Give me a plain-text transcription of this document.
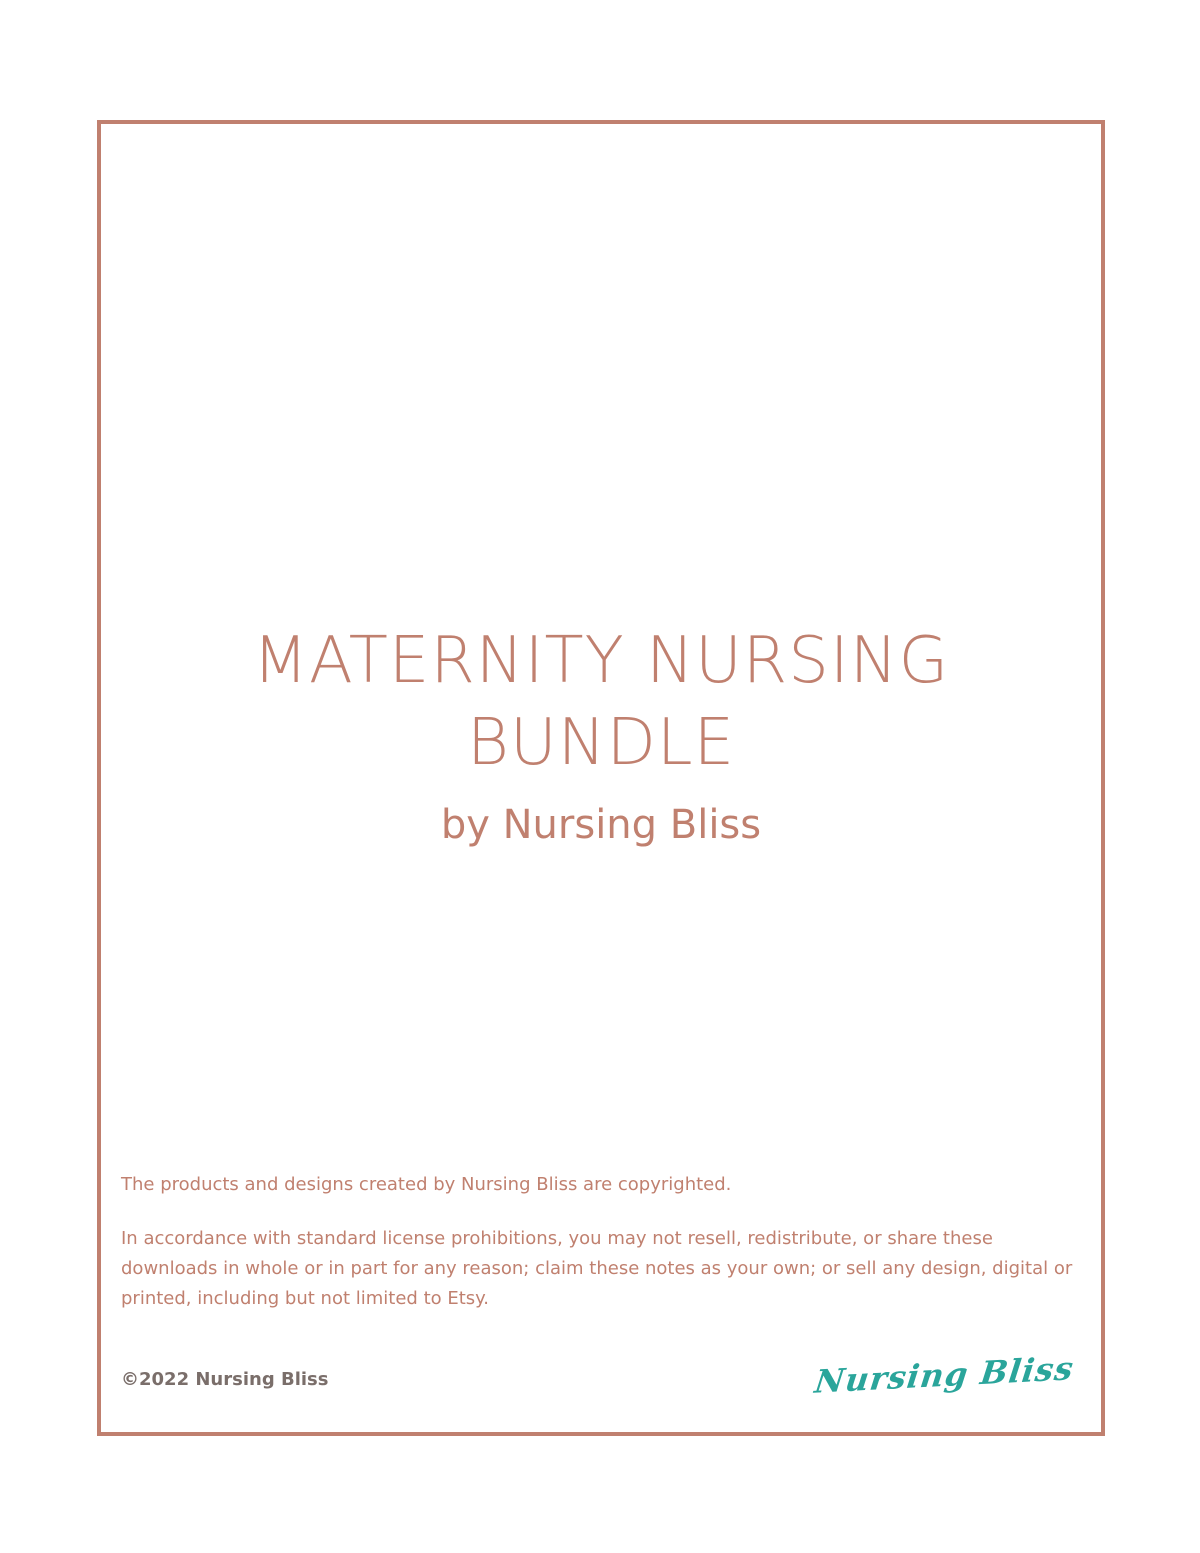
MATERNITY NURSING
BUNDLE
by Nursing Bliss

The products and designs created by Nursing Bliss are copyrighted.

In accordance with standard license prohibitions, you may not resell, redistribute, or share these downloads in whole or in part for any reason; claim these notes as your own; or sell any design, digital or printed, including but not limited to Etsy.

©2022 Nursing Bliss	Nursing Bliss
